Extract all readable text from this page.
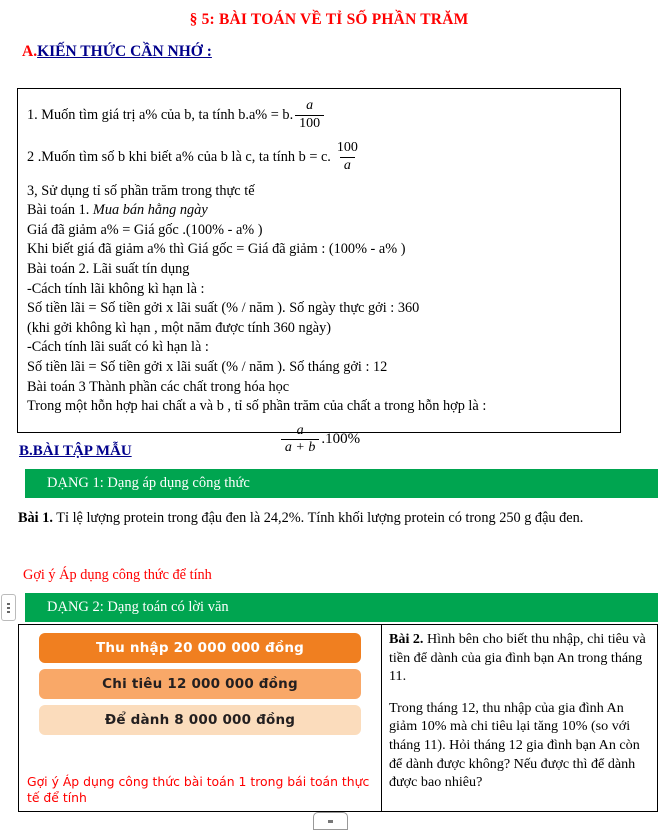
§ 5: BÀI TOÁN VỀ TỈ SỐ PHẦN TRĂM
A.KIẾN THỨC CẦN NHỚ :
1. Muốn tìm giá trị a% của b, ta tính b.a% = b. $\frac{a}{100}$
2 .Muốn tìm số b khi biết a% của b là c, ta tính b = c. $\frac{100}{a}$
3, Sử dụng tỉ số phần trăm trong thực tế
Bài toán 1. Mua bán hằng ngày
Giá đã giảm a% = Giá gốc .(100% - a% )
Khi biết giá đã giảm a% thì Giá gốc = Giá đã giảm : (100% - a% )
Bài toán 2. Lãi suất tín dụng
-Cách tính lãi không kì hạn là :
Số tiền lãi = Số tiền gởi x lãi suất (% / năm ). Số ngày thực gởi : 360
(khi gởi không kì hạn , một năm được tính 360 ngày)
-Cách tính lãi suất có kì hạn là :
Số tiền lãi = Số tiền gởi x lãi suất (% / năm ). Số tháng gởi : 12
Bài toán 3 Thành phần các chất trong hóa học
Trong một hỗn hợp hai chất a và b , tỉ số phần trăm của chất a trong hỗn hợp là :
$\frac{a}{a + b} .100\%$
B.BÀI TẬP MẪU
DẠNG 1: Dạng áp dụng công thức
Bài 1. Tỉ lệ lượng protein trong đậu đen là 24,2%. Tính khối lượng protein có trong 250 g đậu đen.
Gợi ý Áp dụng công thức để tính
DẠNG 2: Dạng toán có lời văn
Thu nhập 20 000 000 đồng
Chi tiêu 12 000 000 đồng
Để dành 8 000 000 đồng
Gợi ý Áp dụng công thức bài toán 1 trong bái toán thực tế để tính

Bài 2. Hình bên cho biết thu nhập, chi tiêu và tiền để dành của gia đình bạn An trong tháng 11.

Trong tháng 12, thu nhập của gia đình An giảm 10% mà chi tiêu lại tăng 10% (so với tháng 11). Hỏi tháng 12 gia đình bạn An còn để dành được không? Nếu được thì để dành được bao nhiêu?
